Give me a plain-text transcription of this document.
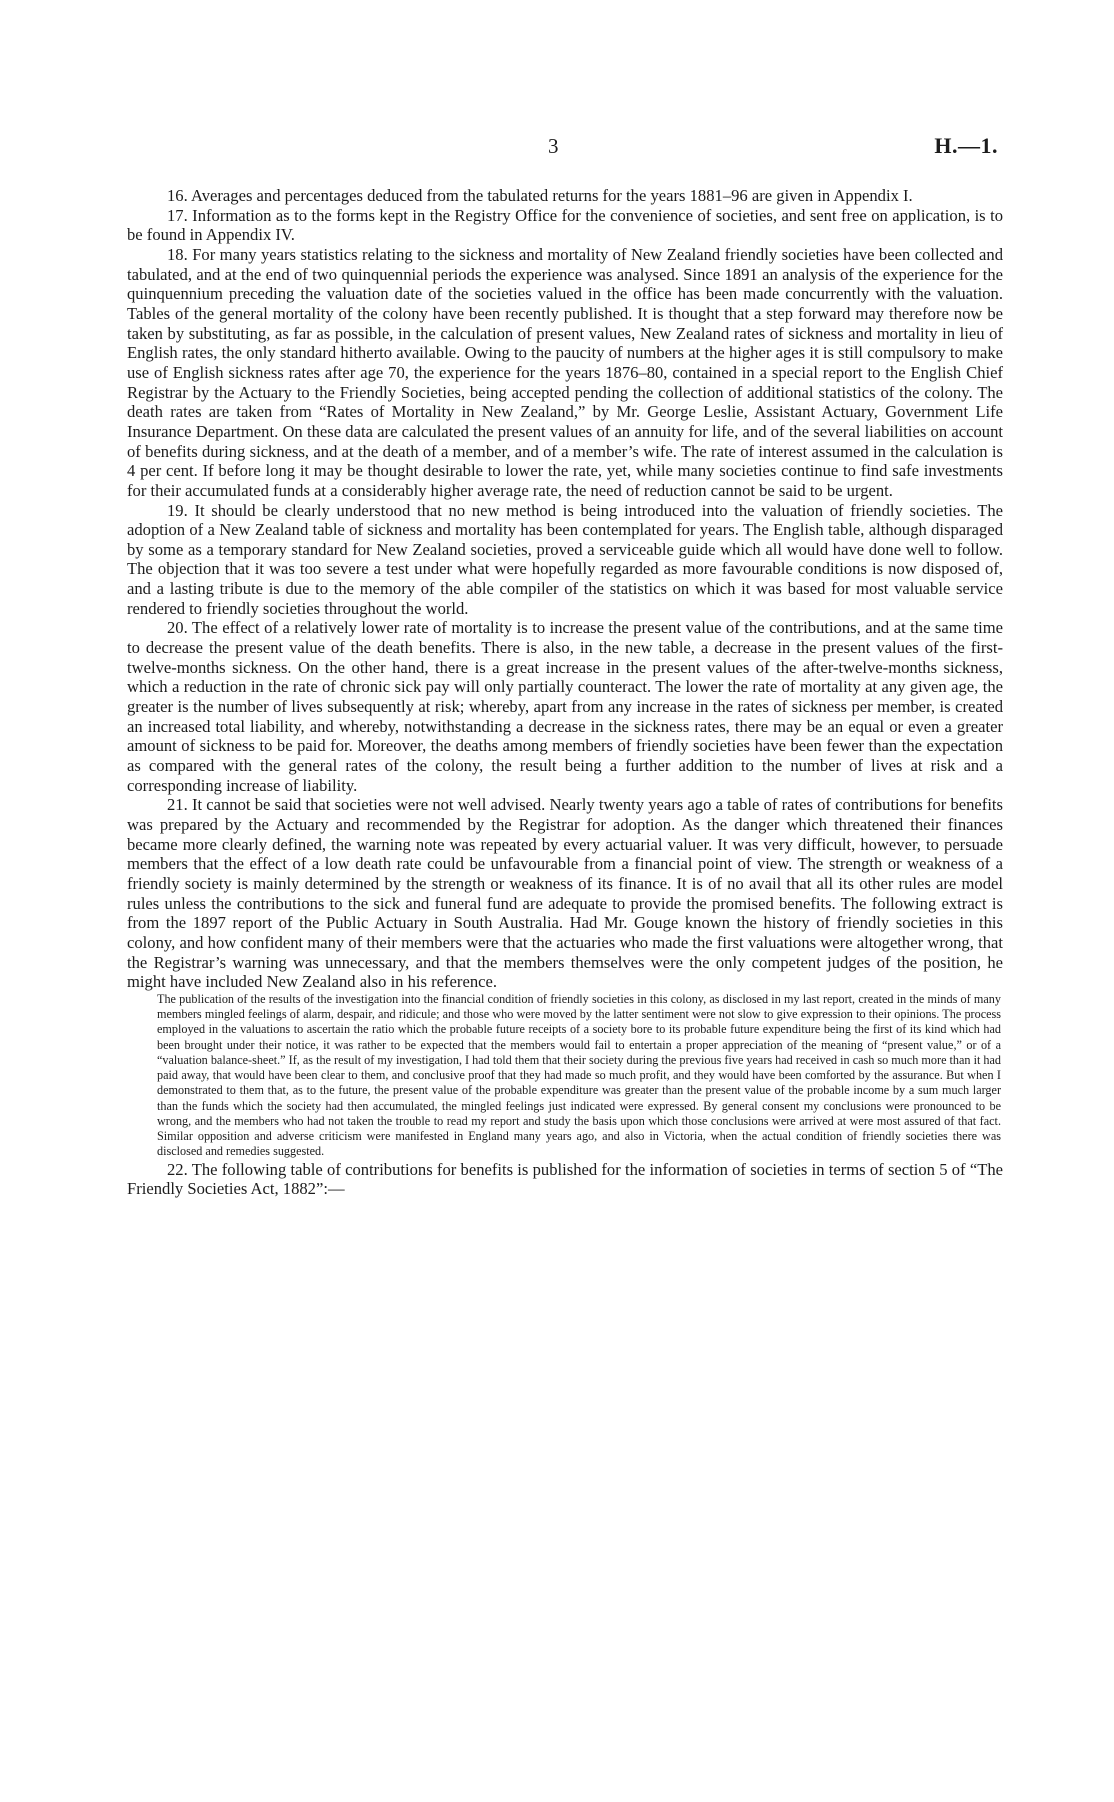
3	H.—1.

16. Averages and percentages deduced from the tabulated returns for the years 1881–96 are given in Appendix I.

17. Information as to the forms kept in the Registry Office for the convenience of societies, and sent free on application, is to be found in Appendix IV.

18. For many years statistics relating to the sickness and mortality of New Zealand friendly societies have been collected and tabulated, and at the end of two quinquennial periods the experience was analysed. Since 1891 an analysis of the experience for the quinquennium preceding the valuation date of the societies valued in the office has been made concurrently with the valuation. Tables of the general mortality of the colony have been recently published. It is thought that a step forward may therefore now be taken by substituting, as far as possible, in the calculation of present values, New Zealand rates of sickness and mortality in lieu of English rates, the only standard hitherto available. Owing to the paucity of numbers at the higher ages it is still compulsory to make use of English sickness rates after age 70, the experience for the years 1876–80, contained in a special report to the English Chief Registrar by the Actuary to the Friendly Societies, being accepted pending the collection of additional statistics of the colony. The death rates are taken from “Rates of Mortality in New Zealand,” by Mr. George Leslie, Assistant Actuary, Government Life Insurance Department. On these data are calculated the present values of an annuity for life, and of the several liabilities on account of benefits during sickness, and at the death of a member, and of a member’s wife. The rate of interest assumed in the calculation is 4 per cent. If before long it may be thought desirable to lower the rate, yet, while many societies continue to find safe investments for their accumulated funds at a considerably higher average rate, the need of reduction cannot be said to be urgent.

19. It should be clearly understood that no new method is being introduced into the valuation of friendly societies. The adoption of a New Zealand table of sickness and mortality has been contemplated for years. The English table, although disparaged by some as a temporary standard for New Zealand societies, proved a serviceable guide which all would have done well to follow. The objection that it was too severe a test under what were hopefully regarded as more favourable conditions is now disposed of, and a lasting tribute is due to the memory of the able compiler of the statistics on which it was based for most valuable service rendered to friendly societies throughout the world.

20. The effect of a relatively lower rate of mortality is to increase the present value of the contributions, and at the same time to decrease the present value of the death benefits. There is also, in the new table, a decrease in the present values of the first-twelve-months sickness. On the other hand, there is a great increase in the present values of the after-twelve-months sickness, which a reduction in the rate of chronic sick pay will only partially counteract. The lower the rate of mortality at any given age, the greater is the number of lives subsequently at risk; whereby, apart from any increase in the rates of sickness per member, is created an increased total liability, and whereby, notwithstanding a decrease in the sickness rates, there may be an equal or even a greater amount of sickness to be paid for. Moreover, the deaths among members of friendly societies have been fewer than the expectation as compared with the general rates of the colony, the result being a further addition to the number of lives at risk and a corresponding increase of liability.

21. It cannot be said that societies were not well advised. Nearly twenty years ago a table of rates of contributions for benefits was prepared by the Actuary and recommended by the Registrar for adoption. As the danger which threatened their finances became more clearly defined, the warning note was repeated by every actuarial valuer. It was very difficult, however, to persuade members that the effect of a low death rate could be unfavourable from a financial point of view. The strength or weakness of a friendly society is mainly determined by the strength or weakness of its finance. It is of no avail that all its other rules are model rules unless the contributions to the sick and funeral fund are adequate to provide the promised benefits. The following extract is from the 1897 report of the Public Actuary in South Australia. Had Mr. Gouge known the history of friendly societies in this colony, and how confident many of their members were that the actuaries who made the first valuations were altogether wrong, that the Registrar’s warning was unnecessary, and that the members themselves were the only competent judges of the position, he might have included New Zealand also in his reference.

The publication of the results of the investigation into the financial condition of friendly societies in this colony, as disclosed in my last report, created in the minds of many members mingled feelings of alarm, despair, and ridicule; and those who were moved by the latter sentiment were not slow to give expression to their opinions. The process employed in the valuations to ascertain the ratio which the probable future receipts of a society bore to its probable future expenditure being the first of its kind which had been brought under their notice, it was rather to be expected that the members would fail to entertain a proper appreciation of the meaning of “present value,” or of a “valuation balance-sheet.” If, as the result of my investigation, I had told them that their society during the previous five years had received in cash so much more than it had paid away, that would have been clear to them, and conclusive proof that they had made so much profit, and they would have been comforted by the assurance. But when I demonstrated to them that, as to the future, the present value of the probable expenditure was greater than the present value of the probable income by a sum much larger than the funds which the society had then accumulated, the mingled feelings just indicated were expressed. By general consent my conclusions were pronounced to be wrong, and the members who had not taken the trouble to read my report and study the basis upon which those conclusions were arrived at were most assured of that fact. Similar opposition and adverse criticism were manifested in England many years ago, and also in Victoria, when the actual condition of friendly societies there was disclosed and remedies suggested.

22. The following table of contributions for benefits is published for the information of societies in terms of section 5 of “The Friendly Societies Act, 1882”:—
